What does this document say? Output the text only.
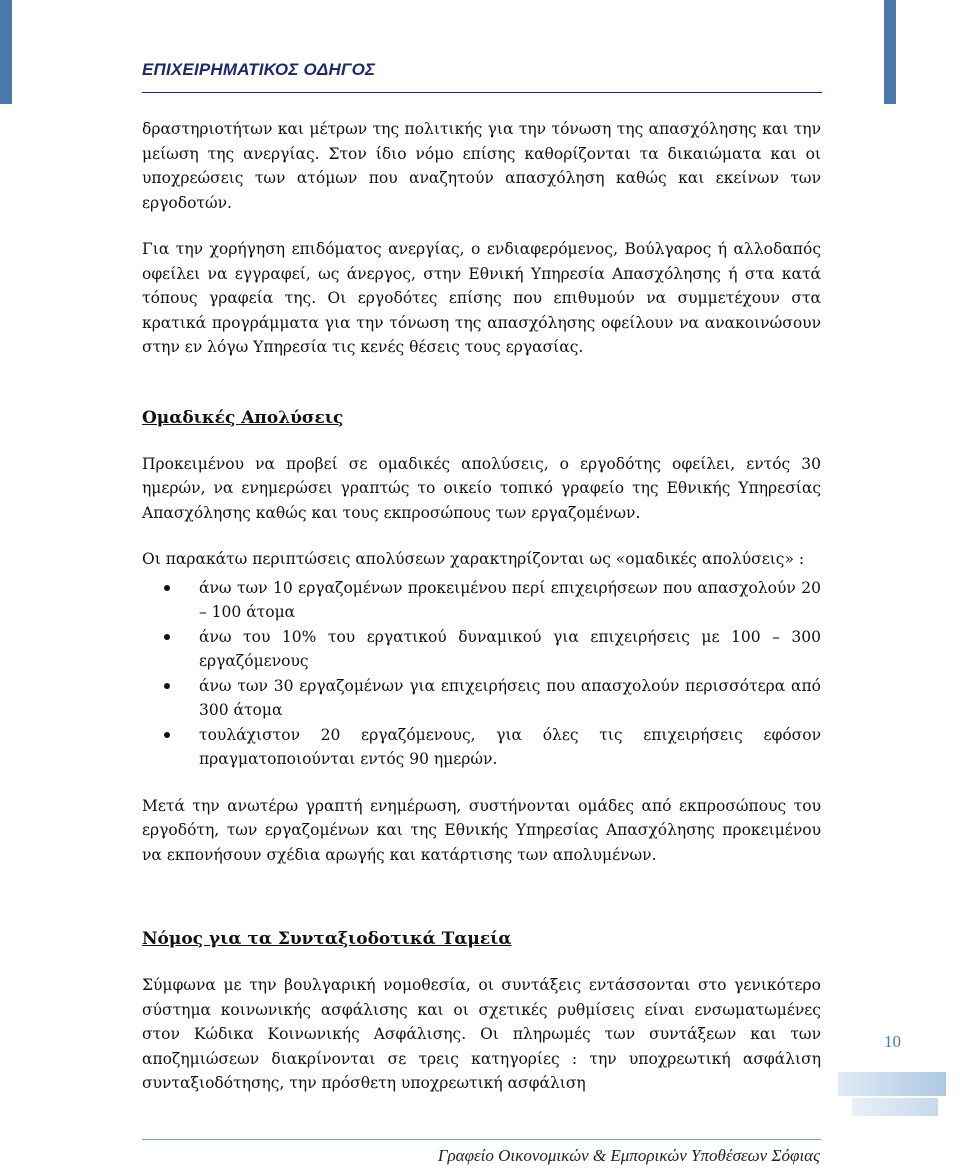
ΕΠΙΧΕΙΡΗΜΑΤΙΚΟΣ ΟΔΗΓΟΣ

δραστηριοτήτων και μέτρων της πολιτικής για την τόνωση της απασχόλησης και την μείωση της ανεργίας. Στον ίδιο νόμο επίσης καθορίζονται τα δικαιώματα και οι υποχρεώσεις των ατόμων που αναζητούν απασχόληση καθώς και εκείνων των εργοδοτών.

Για την χορήγηση επιδόματος ανεργίας, ο ενδιαφερόμενος, Βούλγαρος ή αλλοδαπός οφείλει να εγγραφεί, ως άνεργος, στην Εθνική Υπηρεσία Απασχόλησης ή στα κατά τόπους γραφεία της. Οι εργοδότες επίσης που επιθυμούν να συμμετέχουν στα κρατικά προγράμματα για την τόνωση της απασχόλησης οφείλουν να ανακοινώσουν στην εν λόγω Υπηρεσία τις κενές θέσεις τους εργασίας.

Ομαδικές Απολύσεις

Προκειμένου να προβεί σε ομαδικές απολύσεις, ο εργοδότης οφείλει, εντός 30 ημερών, να ενημερώσει γραπτώς το οικείο τοπικό γραφείο της Εθνικής Υπηρεσίας Απασχόλησης καθώς και τους εκπροσώπους των εργαζομένων.

Οι παρακάτω περιπτώσεις απολύσεων χαρακτηρίζονται ως «ομαδικές απολύσεις» :

άνω των 10 εργαζομένων προκειμένου περί επιχειρήσεων που απασχολούν 20 – 100 άτομα
άνω του 10% του εργατικού δυναμικού για επιχειρήσεις με 100 – 300 εργαζόμενους
άνω των 30 εργαζομένων για επιχειρήσεις που απασχολούν περισσότερα από 300 άτομα
τουλάχιστον 20 εργαζόμενους, για όλες τις επιχειρήσεις εφόσον πραγματοποιούνται εντός 90 ημερών.

Μετά την ανωτέρω γραπτή ενημέρωση, συστήνονται ομάδες από εκπροσώπους του εργοδότη, των εργαζομένων και της Εθνικής Υπηρεσίας Απασχόλησης προκειμένου να εκπονήσουν σχέδια αρωγής και κατάρτισης των απολυμένων.

Νόμος για τα Συνταξιοδοτικά Ταμεία

Σύμφωνα με την βουλγαρική νομοθεσία, οι συντάξεις εντάσσονται στο γενικότερο σύστημα κοινωνικής ασφάλισης και οι σχετικές ρυθμίσεις είναι ενσωματωμένες στον Κώδικα Κοινωνικής Ασφάλισης. Οι πληρωμές των συντάξεων και των αποζημιώσεων διακρίνονται σε τρεις κατηγορίες : την υποχρεωτική ασφάλιση συνταξιοδότησης, την πρόσθετη υποχρεωτική ασφάλιση

10
Γραφείο Οικονομικών & Εμπορικών Υποθέσεων Σόφιας
